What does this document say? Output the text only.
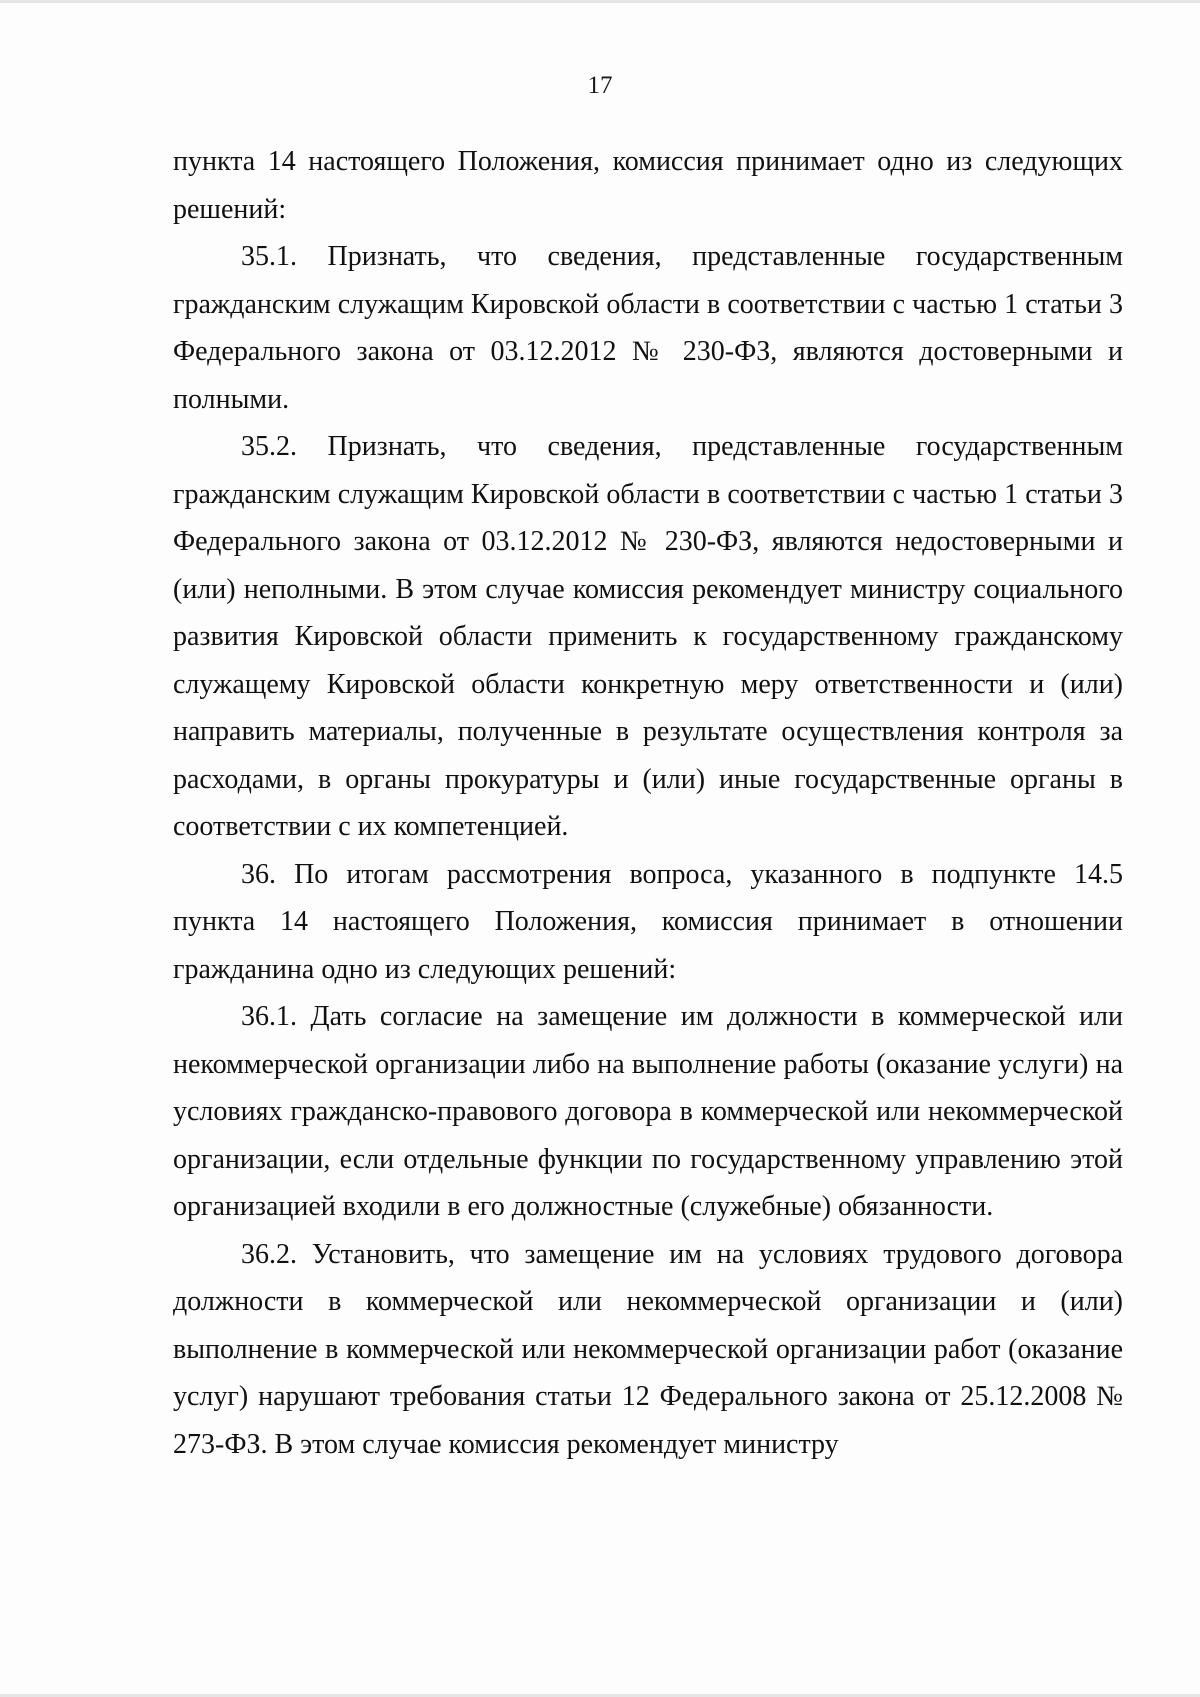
17

пункта 14 настоящего Положения, комиссия принимает одно из следующих решений:

35.1. Признать, что сведения, представленные государственным гражданским служащим Кировской области в соответствии с частью 1 статьи 3 Федерального закона от 03.12.2012 № 230-ФЗ, являются достоверными и полными.

35.2. Признать, что сведения, представленные государственным гражданским служащим Кировской области в соответствии с частью 1 статьи 3 Федерального закона от 03.12.2012 № 230-ФЗ, являются недостоверными и (или) неполными. В этом случае комиссия рекомендует министру социального развития Кировской области применить к государственному гражданскому служащему Кировской области конкретную меру ответственности и (или) направить материалы, полученные в результате осуществления контроля за расходами, в органы прокуратуры и (или) иные государственные органы в соответствии с их компетенцией.

36. По итогам рассмотрения вопроса, указанного в подпункте 14.5 пункта 14 настоящего Положения, комиссия принимает в отношении гражданина одно из следующих решений:

36.1. Дать согласие на замещение им должности в коммерческой или некоммерческой организации либо на выполнение работы (оказание услуги) на условиях гражданско-правового договора в коммерческой или некоммерческой организации, если отдельные функции по государственному управлению этой организацией входили в его должностные (служебные) обязанности.

36.2. Установить, что замещение им на условиях трудового договора должности в коммерческой или некоммерческой организации и (или) выполнение в коммерческой или некоммерческой организации работ (оказание услуг) нарушают требования статьи 12 Федерального закона от 25.12.2008 № 273-ФЗ. В этом случае комиссия рекомендует министру
